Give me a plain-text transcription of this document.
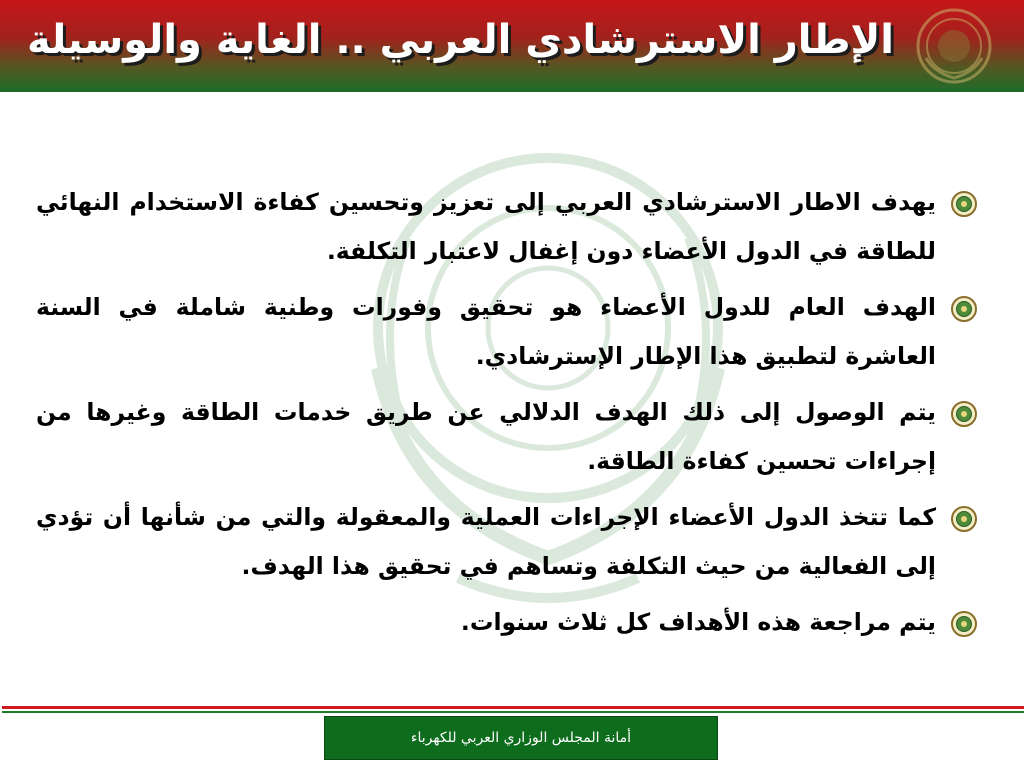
الإطار الاسترشادي العربي .. الغاية والوسيلة
يهدف الاطار الاسترشادي العربي إلى تعزيز وتحسين كفاءة الاستخدام النهائي للطاقة في الدول الأعضاء دون إغفال لاعتبار التكلفة.
الهدف العام للدول الأعضاء هو تحقيق وفورات وطنية شاملة في السنة العاشرة لتطبيق هذا الإطار الإسترشادي.
يتم الوصول إلى ذلك الهدف الدلالي عن طريق خدمات الطاقة وغيرها من إجراءات تحسين كفاءة الطاقة.
كما تتخذ الدول الأعضاء الإجراءات العملية والمعقولة والتي من شأنها أن تؤدي إلى الفعالية من حيث التكلفة وتساهم في تحقيق هذا الهدف.
يتم مراجعة هذه الأهداف كل ثلاث سنوات.
أمانة المجلس الوزاري العربي للكهرباء
